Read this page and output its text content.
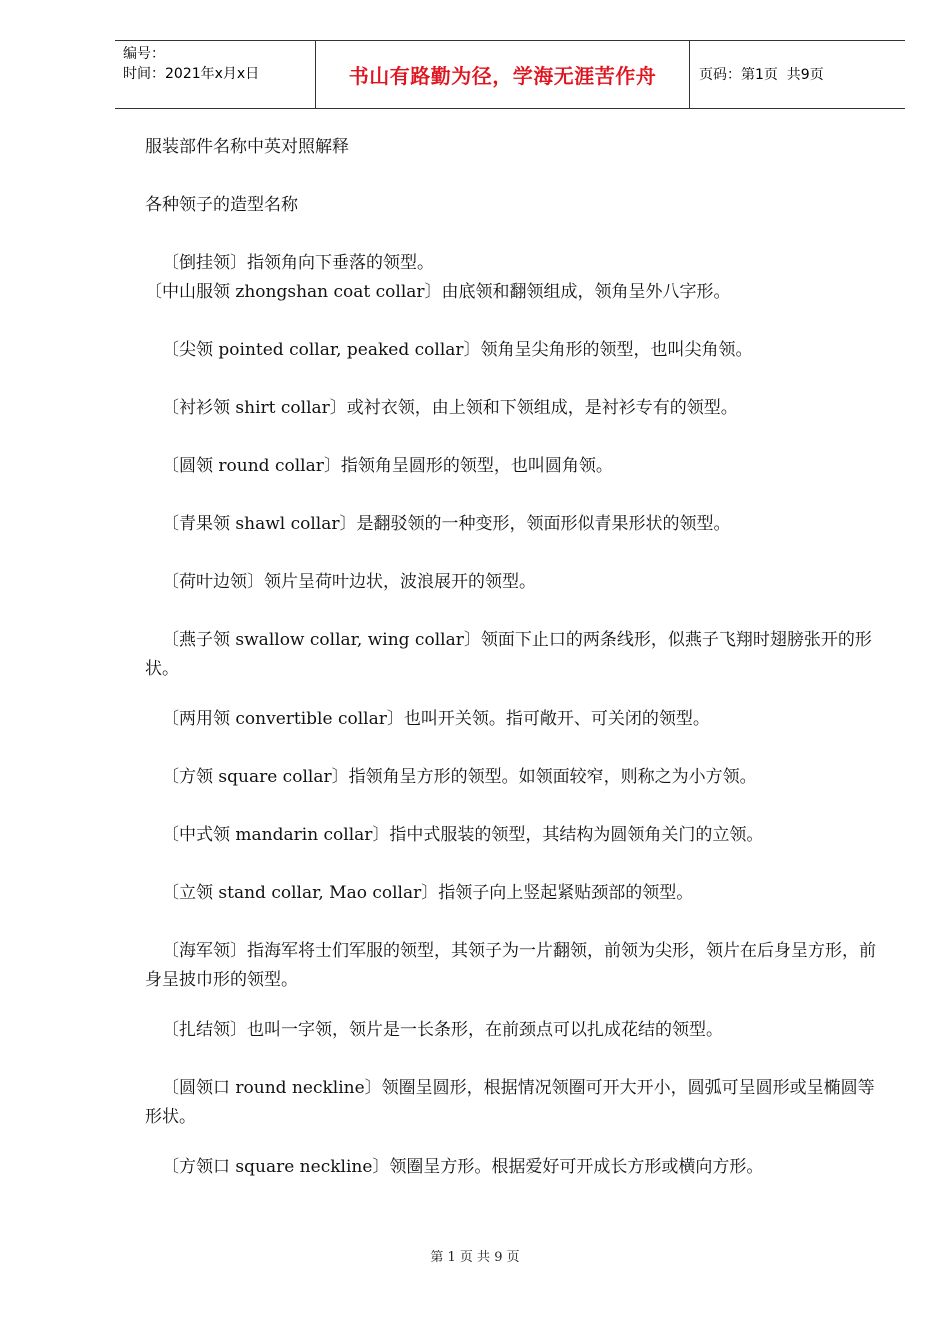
编号：
时间：2021年x月x日	书山有路勤为径，学海无涯苦作舟	页码：第1页  共9页

服装部件名称中英对照解释

各种领子的造型名称

〔倒挂领〕指领角向下垂落的领型。

〔中山服领 zhongshan coat collar〕由底领和翻领组成，领角呈外八字形。

〔尖领 pointed collar, peaked collar〕领角呈尖角形的领型，也叫尖角领。

〔衬衫领 shirt collar〕或衬衣领，由上领和下领组成，是衬衫专有的领型。

〔圆领 round collar〕指领角呈圆形的领型，也叫圆角领。

〔青果领 shawl collar〕是翻驳领的一种变形，领面形似青果形状的领型。

〔荷叶边领〕领片呈荷叶边状，波浪展开的领型。

〔燕子领 swallow collar, wing collar〕领面下止口的两条线形，似燕子飞翔时翅膀张开的形状。

〔两用领 convertible collar〕也叫开关领。指可敞开、可关闭的领型。

〔方领 square collar〕指领角呈方形的领型。如领面较窄，则称之为小方领。

〔中式领 mandarin collar〕指中式服装的领型，其结构为圆领角关门的立领。

〔立领 stand collar, Mao collar〕指领子向上竖起紧贴颈部的领型。

〔海军领〕指海军将士们军服的领型，其领子为一片翻领，前领为尖形，领片在后身呈方形，前身呈披巾形的领型。

〔扎结领〕也叫一字领，领片是一长条形，在前颈点可以扎成花结的领型。

〔圆领口 round neckline〕领圈呈圆形，根据情况领圈可开大开小，圆弧可呈圆形或呈椭圆等形状。

〔方领口 square neckline〕领圈呈方形。根据爱好可开成长方形或横向方形。

第 1 页 共 9 页
